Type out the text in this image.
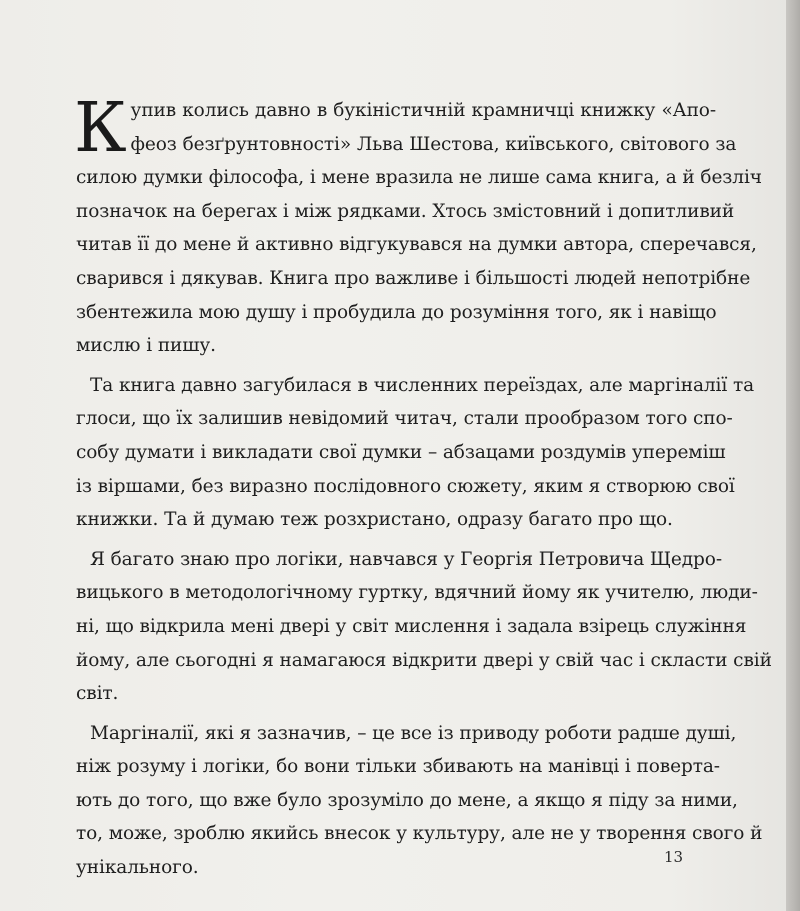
К упив колись давно в букіністичній крамничці книжку «Апо-
феоз безґрунтовності» Льва Шестова, київського, світового за
силою думки філософа, і мене вразила не лише сама книга, а й безліч
позначок на берегах і між рядками. Хтось змістовний і допитливий
читав її до мене й активно відгукувався на думки автора, сперечався,
сварився і дякував. Книга про важливе і більшості людей непотрібне
збентежила мою душу і пробудила до розуміння того, як і навіщо
мислю і пишу.
Та книга давно загубилася в численних переїздах, але маргіналії та
глоси, що їх залишив невідомий читач, стали прообразом того спо-
собу думати і викладати свої думки – абзацами роздумів упереміш
із віршами, без виразно послідовного сюжету, яким я створюю свої
книжки. Та й думаю теж розхристано, одразу багато про що.
Я багато знаю про логіки, навчався у Георгія Петровича Щедро-
вицького в методологічному гуртку, вдячний йому як учителю, люди-
ні, що відкрила мені двері у світ мислення і задала взірець служіння
йому, але сьогодні я намагаюся відкрити двері у свій час і скласти свій
світ.
Маргіналії, які я зазначив, – це все із приводу роботи радше душі,
ніж розуму і логіки, бо вони тільки збивають на манівці і поверта-
ють до того, що вже було зрозуміло до мене, а якщо я піду за ними,
то, може, зроблю якийсь внесок у культуру, але не у творення свого й
унікального.
13
